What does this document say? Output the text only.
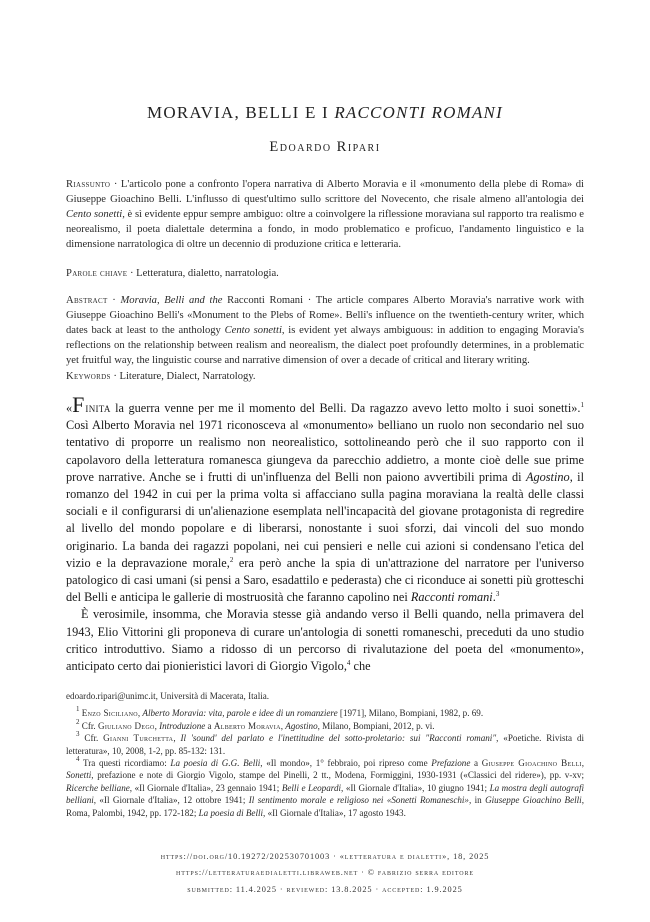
MORAVIA, BELLI E I RACCONTI ROMANI
Edoardo Ripari
Riassunto · L'articolo pone a confronto l'opera narrativa di Alberto Moravia e il «monumento della plebe di Roma» di Giuseppe Gioachino Belli. L'influsso di quest'ultimo sullo scrittore del Novecento, che risale almeno all'antologia dei Cento sonetti, è sì evidente eppur sempre ambiguo: oltre a coinvolgere la riflessione moraviana sul rapporto tra realismo e neorealismo, il poeta dialettale determina a fondo, in modo problematico e proficuo, l'andamento linguistico e la dimensione narratologica di oltre un decennio di produzione critica e letteraria.
Parole chiave · Letteratura, dialetto, narratologia.
Abstract · Moravia, Belli and the Racconti Romani · The article compares Alberto Moravia's narrative work with Giuseppe Gioachino Belli's «Monument to the Plebs of Rome». Belli's influence on the twentieth-century writer, which dates back at least to the anthology Cento sonetti, is evident yet always ambiguous: in addition to engaging Moravia's reflections on the relationship between realism and neorealism, the dialect poet profoundly determines, in a problematic yet fruitful way, the linguistic course and narrative dimension of over a decade of critical and literary writing.
Keywords · Literature, Dialect, Narratology.

«Finita la guerra venne per me il momento del Belli. Da ragazzo avevo letto molto i suoi sonetti».$^1$ Così Alberto Moravia nel 1971 riconosceva al «monumento» belliano un ruolo non secondario nel suo tentativo di proporre un realismo non neorealistico, sottolineando però che il suo rapporto con il capolavoro della letteratura romanesca giungeva da parecchio addietro, a monte cioè delle sue prime prove narrative. Anche se i frutti di un'influenza del Belli non paiono avvertibili prima di Agostino, il romanzo del 1942 in cui per la prima volta si affacciano sulla pagina moraviana la realtà delle classi sociali e il configurarsi di un'alienazione esemplata nell'incapacità del giovane protagonista di regredire al livello del mondo popolare e di liberarsi, nonostante i suoi sforzi, dai vincoli del suo mondo originario. La banda dei ragazzi popolani, nei cui pensieri e nelle cui azioni si condensano l'etica del vizio e la depravazione morale,$^2$ era però anche la spia di un'attrazione del narratore per l'universo patologico di casi umani (si pensi a Saro, esadattilo e pederasta) che ci riconduce ai sonetti più grotteschi del Belli e anticipa le gallerie di mostruosità che faranno capolino nei Racconti romani.$^3$

È verosimile, insomma, che Moravia stesse già andando verso il Belli quando, nella primavera del 1943, Elio Vittorini gli proponeva di curare un'antologia di sonetti romaneschi, preceduti da uno studio critico introduttivo. Siamo a ridosso di un percorso di rivalutazione del poeta del «monumento», anticipato certo dai pionieristici lavori di Giorgio Vigolo,$^4$ che

edoardo.ripari@unimc.it, Università di Macerata, Italia.

$^1$ Enzo Siciliano, Alberto Moravia: vita, parole e idee di un romanziere [1971], Milano, Bompiani, 1982, p. 69.

$^2$ Cfr. Giuliano Dego, Introduzione a Alberto Moravia, Agostino, Milano, Bompiani, 2012, p. vi.

$^3$ Cfr. Gianni Turchetta, Il 'sound' del parlato e l'inettitudine del sotto-proletario: sui "Racconti romani", «Poetiche. Rivista di letteratura», 10, 2008, 1-2, pp. 85-132: 131.

$^4$ Tra questi ricordiamo: La poesia di G.G. Belli, «Il mondo», 1° febbraio, poi ripreso come Prefazione a Giuseppe Gioachino Belli, Sonetti, prefazione e note di Giorgio Vigolo, stampe del Pinelli, 2 tt., Modena, Formiggini, 1930-1931 («Classici del ridere»), pp. v-xv; Ricerche belliane, «Il Giornale d'Italia», 23 gennaio 1941; Belli e Leopardi, «Il Giornale d'Italia», 10 giugno 1941; La mostra degli autografi belliani, «Il Giornale d'Italia», 12 ottobre 1941; Il sentimento morale e religioso nei «Sonetti Romaneschi», in Giuseppe Gioachino Belli, Roma, Palombi, 1942, pp. 172-182; La poesia di Belli, «Il Giornale d'Italia», 17 agosto 1943.

https://doi.org/10.19272/202530701003 · «letteratura e dialetti», 18, 2025
https://letteraturaedialetti.libraweb.net · © fabrizio serra editore
submitted: 11.4.2025 · reviewed: 13.8.2025 · accepted: 1.9.2025
